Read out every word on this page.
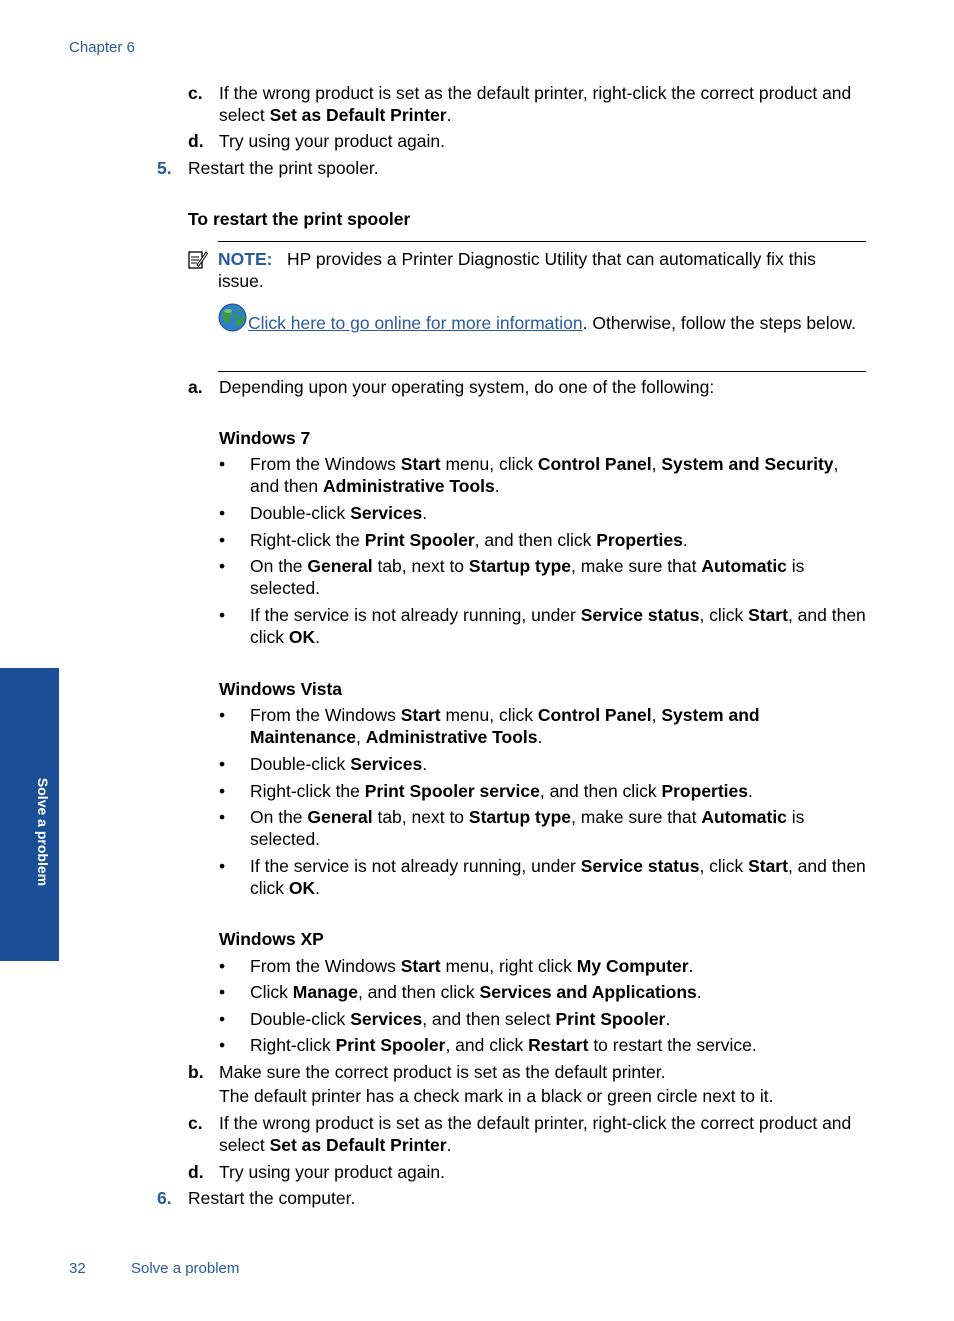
Chapter 6
c. If the wrong product is set as the default printer, right-click the correct product and select Set as Default Printer.
d. Try using your product again.
5. Restart the print spooler.
To restart the print spooler
NOTE: HP provides a Printer Diagnostic Utility that can automatically fix this issue.
Click here to go online for more information. Otherwise, follow the steps below.
a. Depending upon your operating system, do one of the following:
Windows 7
• From the Windows Start menu, click Control Panel, System and Security, and then Administrative Tools.
• Double-click Services.
• Right-click the Print Spooler, and then click Properties.
• On the General tab, next to Startup type, make sure that Automatic is selected.
• If the service is not already running, under Service status, click Start, and then click OK.
Windows Vista
• From the Windows Start menu, click Control Panel, System and Maintenance, Administrative Tools.
• Double-click Services.
• Right-click the Print Spooler service, and then click Properties.
• On the General tab, next to Startup type, make sure that Automatic is selected.
• If the service is not already running, under Service status, click Start, and then click OK.
Windows XP
• From the Windows Start menu, right click My Computer.
• Click Manage, and then click Services and Applications.
• Double-click Services, and then select Print Spooler.
• Right-click Print Spooler, and click Restart to restart the service.
b. Make sure the correct product is set as the default printer.
The default printer has a check mark in a black or green circle next to it.
c. If the wrong product is set as the default printer, right-click the correct product and select Set as Default Printer.
d. Try using your product again.
6. Restart the computer.
Solve a problem
32	Solve a problem
